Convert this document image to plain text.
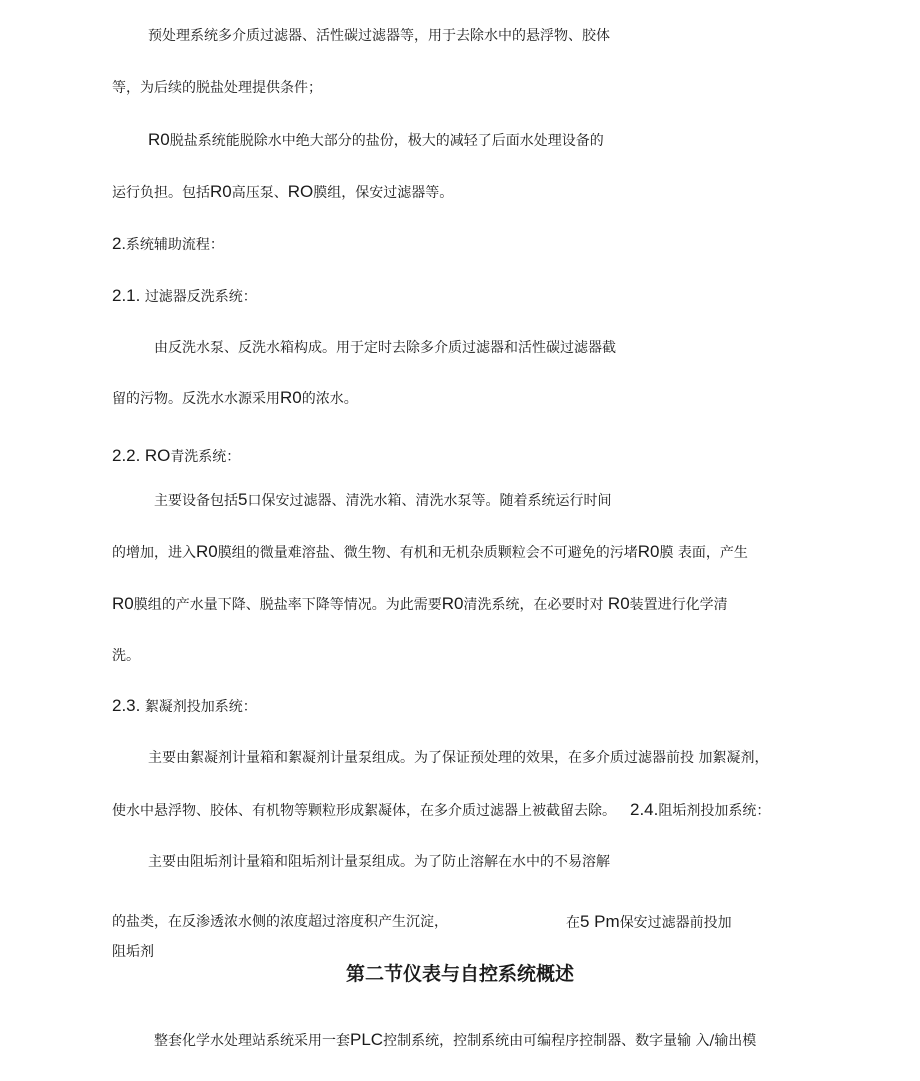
预处理系统多介质过滤器、活性碳过滤器等，用于去除水中的悬浮物、胶体
等，为后续的脱盐处理提供条件；
R0脱盐系统能脱除水中绝大部分的盐份，极大的减轻了后面水处理设备的
运行负担。包括R0高压泵、RO膜组，保安过滤器等。
2.系统辅助流程：
2.1. 过滤器反洗系统：
由反洗水泵、反洗水箱构成。用于定时去除多介质过滤器和活性碳过滤器截
留的污物。反洗水水源采用R0的浓水。
2.2. RO青洗系统：
主要设备包括5口保安过滤器、清洗水箱、清洗水泵等。随着系统运行时间
的增加，进入R0膜组的微量难溶盐、微生物、有机和无机杂质颗粒会不可避免的污堵R0膜 表面，产生
R0膜组的产水量下降、脱盐率下降等情况。为此需要R0清洗系统，在必要时对 R0装置进行化学清
洗。
2.3. 絮凝剂投加系统：
主要由絮凝剂计量箱和絮凝剂计量泵组成。为了保证预处理的效果，在多介质过滤器前投 加絮凝剂，
使水中悬浮物、胶体、有机物等颗粒形成絮凝体，在多介质过滤器上被截留去除。 2.4.阻垢剂投加系统：
主要由阻垢剂计量箱和阻垢剂计量泵组成。为了防止溶解在水中的不易溶解
的盐类，在反渗透浓水侧的浓度超过溶度积产生沉淀，	在5 Pm保安过滤器前投加
阻垢剂
第二节仪表与自控系统概述
整套化学水处理站系统采用一套PLC控制系统，控制系统由可编程序控制器、数字量输 入/输出模
